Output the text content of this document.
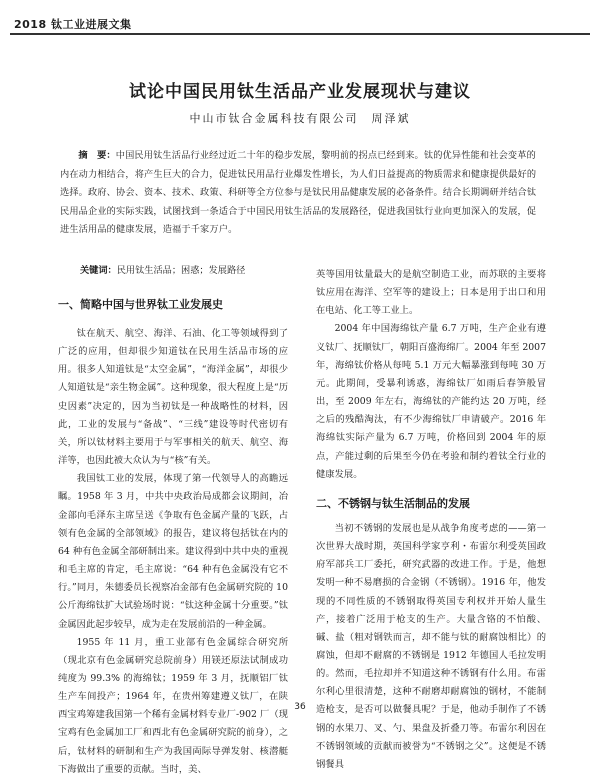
2018 钛工业进展文集
试论中国民用钛生活品产业发展现状与建议
中山市钛合金属科技有限公司　周泽斌
摘　要：中国民用钛生活品行业经过近二十年的稳步发展，黎明前的拐点已经到来。钛的优异性能和社会变革的内在动力相结合，将产生巨大的合力，促进钛民用品行业爆发性增长，为人们日益提高的物质需求和健康提供最好的选择。政府、协会、资本、技术、政策、科研等全方位参与是钛民用品健康发展的必备条件。结合长期调研并结合钛民用品企业的实际实践，试图找到一条适合于中国民用钛生活品的发展路径，促进我国钛行业向更加深入的发展，促进生活用品的健康发展，造福于千家万户。
关键词：民用钛生活品；困惑；发展路径
一、简略中国与世界钛工业发展史

钛在航天、航空、海洋、石油、化工等领域得到了广泛的应用，但却很少知道钛在民用生活品市场的应用。很多人知道钛是“太空金属”，“海洋金属”，却很少人知道钛是“亲生物金属”。这种现象，很大程度上是“历史因素”决定的，因为当初钛是一种战略性的材料，因此，工业的发展与“备战”、“三线”建设等时代密切有关，所以钛材料主要用于与军事相关的航天、航空、海洋等，也因此被大众认为与“核”有关。

我国钛工业的发展，体现了第一代领导人的高瞻远瞩。1958 年 3 月，中共中央政治局成都会议期间，冶金部向毛泽东主席呈送《争取有色金属产量的飞跃，占领有色金属的全部领域》的报告，建议将包括钛在内的 64 种有色金属全部研制出来。建议得到中共中央的重视和毛主席的肯定，毛主席说：“64 种有色金属没有它不行。”同月，朱德委员长视察冶金部有色金属研究院的 10 公斤海绵钛扩大试验场时说：“钛这种金属十分重要。”钛金属因此起步较早，成为走在发展前沿的一种金属。

1955 年 11 月，重工业部有色金属综合研究所（现北京有色金属研究总院前身）用镁还原法试制成功纯度为 99.3% 的海绵钛；1959 年 3 月，抚顺铝厂钛生产车间投产；1964 年，在贵州筹建遵义钛厂，在陕西宝鸡筹建我国第一个稀有金属材料专业厂-902 厂（现宝鸡有色金属加工厂和西北有色金属研究院的前身），之后，钛材料的研制和生产为我国両际导弹发射、核潜艇下海做出了重要的贡献。当时，美、

英等国用钛量最大的是航空制造工业，而苏联的主要将钛应用在海洋、空军等的建设上；日本是用于出口和用在电站、化工等工业上。

2004 年中国海绵钛产量 6.7 万吨，生产企业有遵义钛厂、抚顺钛厂，朝阳百盛海绵厂。2004 年至 2007 年，海绵钛价格从每吨 5.1 万元大幅暴涨到每吨 30 万元。此期间，受暴利诱惑，海绵钛厂如雨后春笋般冒出，至 2009 年左右，海绵钛的产能约达 20 万吨，经之后的残酷淘汰，有不少海绵钛厂申请破产。2016 年海绵钛实际产量为 6.7 万吨，价格回到 2004 年的原点，产能过剩的后果至今仍在考验和制约着钛全行业的健康发展。

二、不锈钢与钛生活制品的发展

当初不锈钢的发展也是从战争角度考虑的——第一次世界大战时期，英国科学家亨利・布雷尔利受英国政府军部兵工厂委托，研究武器的改进工作。于是，他想发明一种不易磨损的合金钢（不锈钢）。1916 年，他发现的不同性质的不锈钢取得英国专利权并开始人量生产，接着广泛用于枪支的生产。大量含铬的不怕酸、碱、盐（粗对钢铁而言，却不能与钛的耐腐蚀相比）的腐蚀，但却不耐腐的不锈钢是 1912 年德国人毛拉发明的。然而，毛拉却并不知道这种不锈钢有什么用。布雷尔利心里很清楚，这种不耐磨却耐腐蚀的钢材，不能制造枪支，是否可以做餐具呢？于是，他动手制作了不锈钢的水果刀、叉、勺、果盘及折叠刀等。布雷尔利因在不锈钢领域的贡献而被誉为“不锈钢之父”。这便是不锈钢餐具

36
